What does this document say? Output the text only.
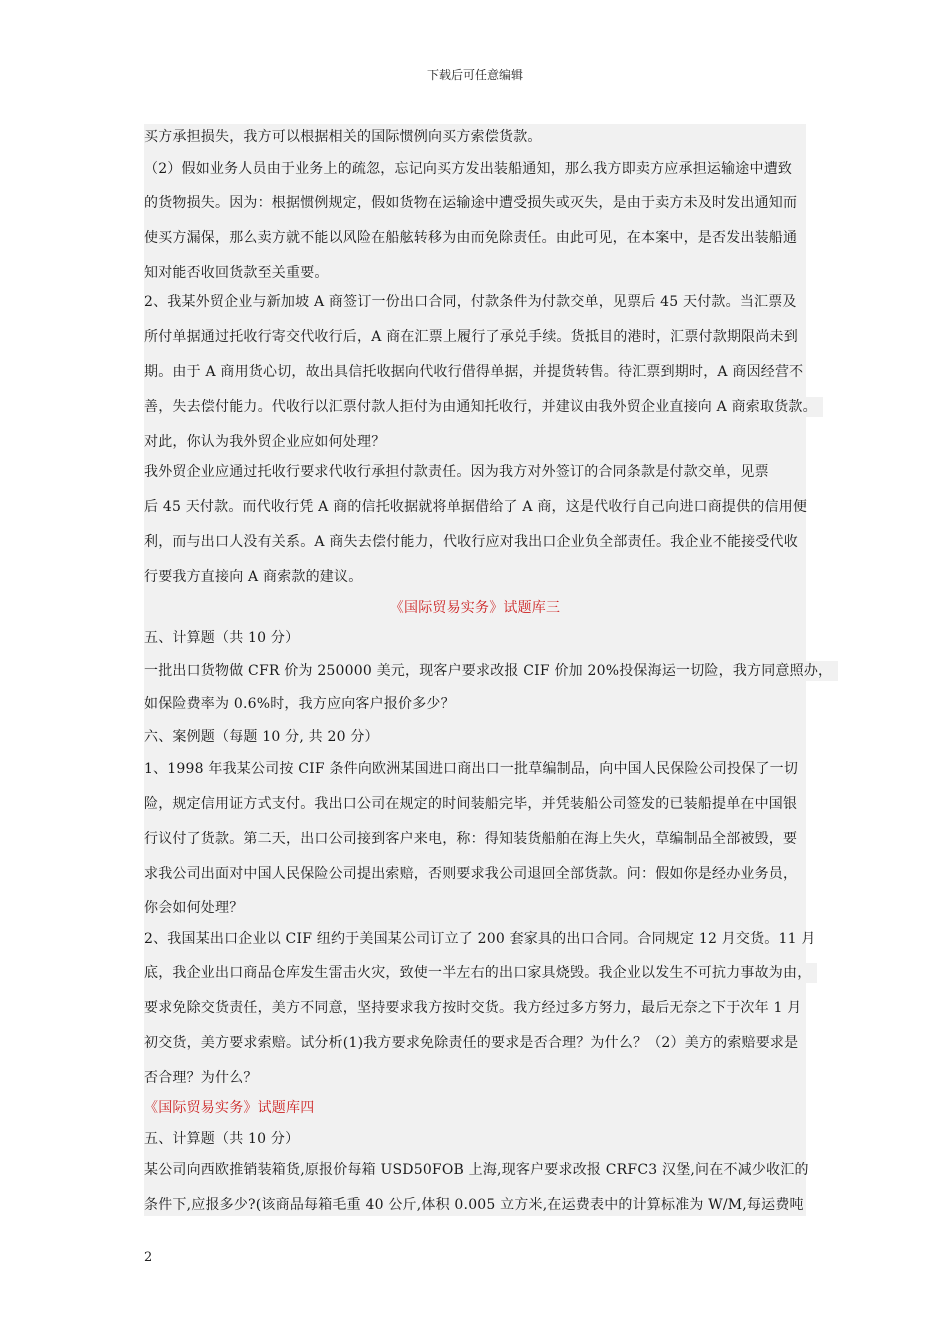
下载后可任意编辑
买方承担损失，我方可以根据相关的国际惯例向买方索偿货款。
（2）假如业务人员由于业务上的疏忽，忘记向买方发出装船通知，那么我方即卖方应承担运输途中遭致
的货物损失。因为：根据惯例规定，假如货物在运输途中遭受损失或灭失，是由于卖方未及时发出通知而
使买方漏保，那么卖方就不能以风险在船舷转移为由而免除责任。由此可见，在本案中，是否发出装船通
知对能否收回货款至关重要。
2、我某外贸企业与新加坡 A 商签订一份出口合同，付款条件为付款交单，见票后 45 天付款。当汇票及
所付单据通过托收行寄交代收行后，A 商在汇票上履行了承兑手续。货抵目的港时，汇票付款期限尚未到
期。由于 A 商用货心切，故出具信托收据向代收行借得单据，并提货转售。待汇票到期时，A 商因经营不
善，失去偿付能力。代收行以汇票付款人拒付为由通知托收行，并建议由我外贸企业直接向 A 商索取货款。
对此，你认为我外贸企业应如何处理？
我外贸企业应通过托收行要求代收行承担付款责任。因为我方对外签订的合同条款是付款交单，见票
后 45 天付款。而代收行凭 A 商的信托收据就将单据借给了 A 商，这是代收行自己向进口商提供的信用便
利，而与出口人没有关系。A 商失去偿付能力，代收行应对我出口企业负全部责任。我企业不能接受代收
行要我方直接向 A 商索款的建议。
《国际贸易实务》试题库三
五、计算题（共 10 分）
一批出口货物做 CFR 价为 250000 美元，现客户要求改报 CIF 价加 20%投保海运一切险，我方同意照办，
如保险费率为 0.6%时，我方应向客户报价多少？
六、案例题（每题 10 分, 共 20 分）
1、1998 年我某公司按 CIF 条件向欧洲某国进口商出口一批草编制品，向中国人民保险公司投保了一切
险，规定信用证方式支付。我出口公司在规定的时间装船完毕，并凭装船公司签发的已装船提单在中国银
行议付了货款。第二天，出口公司接到客户来电，称：得知装货船舶在海上失火，草编制品全部被毁，要
求我公司出面对中国人民保险公司提出索赔，否则要求我公司退回全部货款。问：假如你是经办业务员，
你会如何处理？
2、我国某出口企业以 CIF 纽约于美国某公司订立了 200 套家具的出口合同。合同规定 12 月交货。11 月
底，我企业出口商品仓库发生雷击火灾，致使一半左右的出口家具烧毁。我企业以发生不可抗力事故为由，
要求免除交货责任，美方不同意，坚持要求我方按时交货。我方经过多方努力，最后无奈之下于次年 1 月
初交货，美方要求索赔。试分析(1)我方要求免除责任的要求是否合理？为什么？（2）美方的索赔要求是
否合理？为什么？
《国际贸易实务》试题库四
五、计算题（共 10 分）
某公司向西欧推销装箱货,原报价每箱 USD50FOB 上海,现客户要求改报 CRFC3 汉堡,问在不减少收汇的
条件下,应报多少?(该商品每箱毛重 40 公斤,体积 0.005 立方米,在运费表中的计算标准为 W/M,每运费吨
2
